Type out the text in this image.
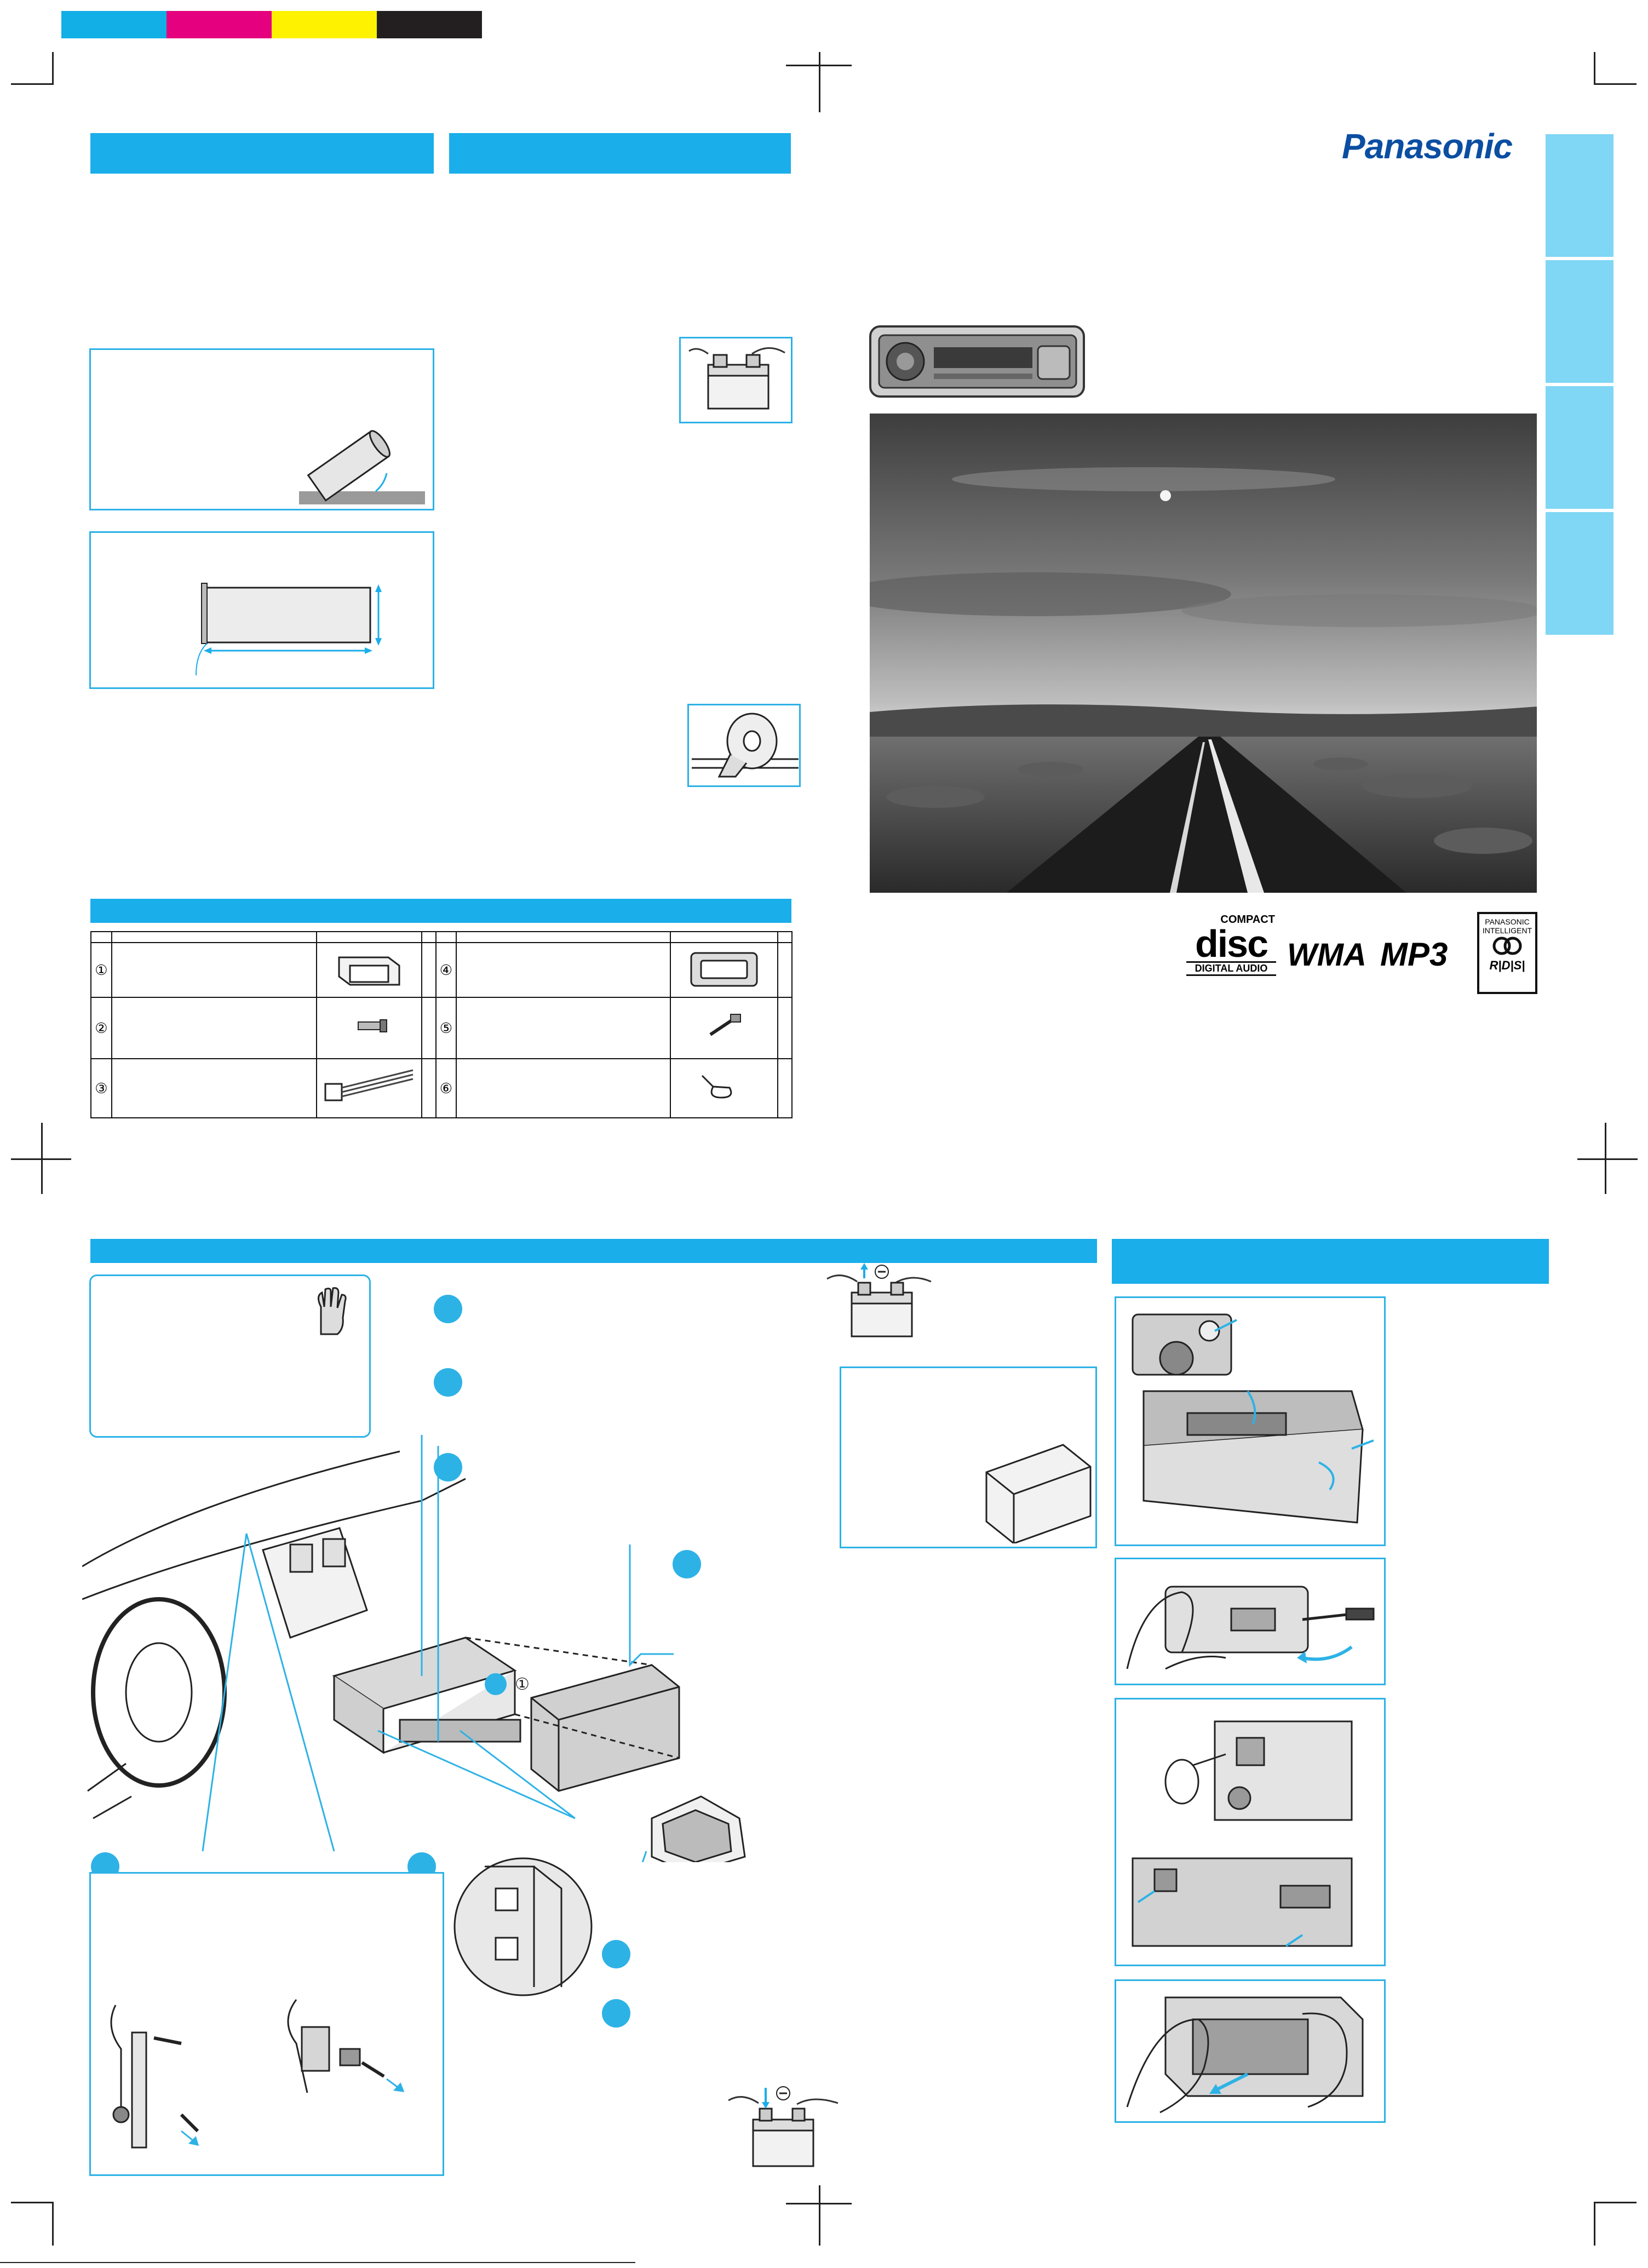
Panasonic
COMPACT
disc
DIGITAL AUDIO WMA MP3
PANASONIC
INTELLIGENT
R|D|S|

①				④			
②				⑤			
③				⑥			
①
